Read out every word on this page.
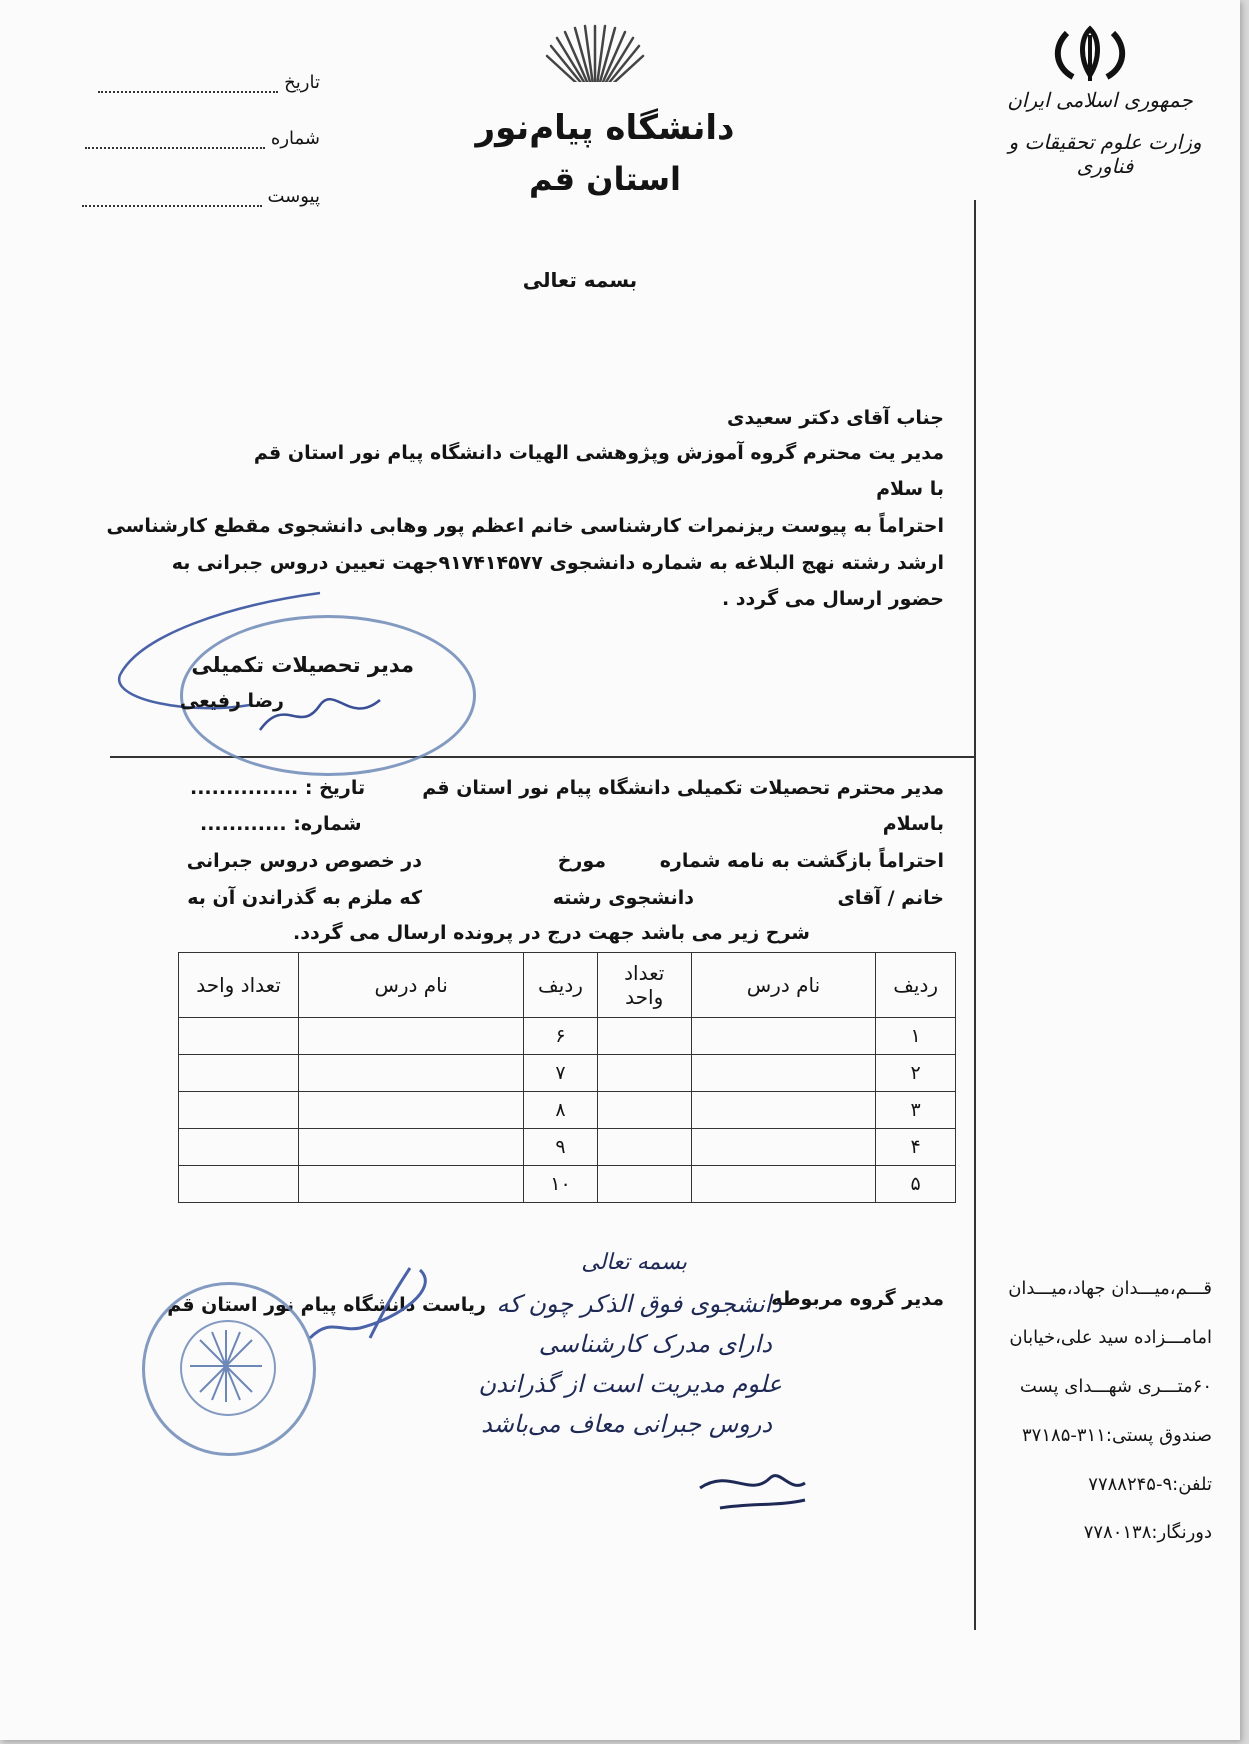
جمهوری اسلامی ایران
وزارت علوم تحقیقات و فناوری
دانشگاه پیام‌نور
استان قم
تاریخ
شماره
پیوست
بسمه تعالی
جناب آقای دکتر سعیدی
مدیر یت محترم گروه آموزش وپژوهشی الهیات دانشگاه پیام نور استان قم
با سلام
احتراماً به پیوست ریزنمرات کارشناسی خانم اعظم پور وهابی دانشجوی مقطع کارشناسی
ارشد رشته نهج البلاغه به شماره دانشجوی ۹۱۷۴۱۴۵۷۷جهت تعیین دروس جبرانی به
حضور ارسال می گردد .
مدیر تحصیلات تکمیلی
رضا رفیعی
مدیر محترم تحصیلات تکمیلی دانشگاه پیام نور استان قم
تاریخ : ...............
باسلام
شماره: ............
احتراماً بازگشت به نامه شماره
مورخ
در خصوص دروس جبرانی
خانم / آقای
دانشجوی رشته
که ملزم به گذراندن آن به
شرح زیر می باشد جهت درج در پرونده ارسال می گردد.
ردیف	نام درس	تعداد واحد	ردیف	نام درس	تعداد واحد
۱			۶		
۲			۷		
۳			۸		
۴			۹		
۵			۱۰		
مدیر گروه مربوطه
ریاست دانشگاه پیام نور استان قم
بسمه تعالی
دانشجوی فوق الذکر چون که
دارای مدرک کارشناسی
علوم مدیریت است از گذراندن
دروس جبرانی معاف می‌باشد
قـــم،میـــدان جهاد،میـــدان
امامـــزاده سید علی،خیابان
۶۰متـــری شهـــدای پست
صندوق پستی:۳۱۱-۳۷۱۸۵
تلفن:۹-۷۷۸۸۲۴۵
دورنگار:۷۷۸۰۱۳۸
